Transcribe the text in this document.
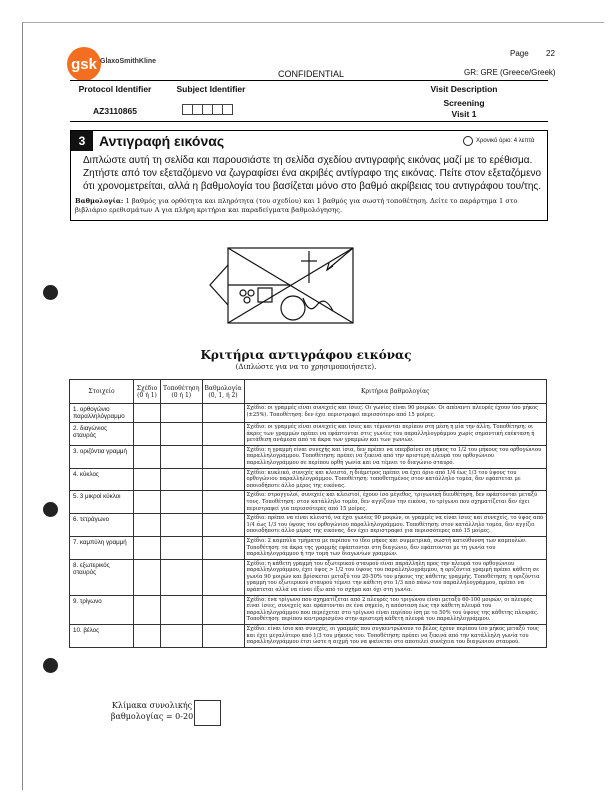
gsk GlaxoSmithKline
Page 22
CONFIDENTIAL	GR: GRE (Greece/Greek)
Protocol Identifier
AZ3110865
Subject Identifier	Visit Description
Screening
Visit 1
3 Αντιγραφή εικόνας	Χρονικό όριο: 4 λεπτά
Διπλώστε αυτή τη σελίδα και παρουσιάστε τη σελίδα σχεδίου αντιγραφής εικόνας μαζί με το ερέθισμα. Ζητήστε από τον εξεταζόμενο να ζωγραφίσει ένα ακριβές αντίγραφο της εικόνας. Πείτε στον εξεταζόμενο ότι χρονομετρείται, αλλά η βαθμολογία του βασίζεται μόνο στο βαθμό ακρίβειας του αντιγράφου του/της.
Βαθμολογία: 1 βαθμός για ορθότητα και πληρότητα (του σχεδίου) και 1 βαθμός για σωστή τοποθέτηση. Δείτε το παράρτημα 1 στο βιβλιάριο ερεθισμάτων Α για πλήρη κριτήρια και παραδείγματα βαθμολόγησης.
Κριτήρια αντιγράφου εικόνας
(Διπλώστε για να το χρησιμοποιήσετε).
Στοιχείο	Σχέδιο (0 ή 1)	Τοποθέτηση (0 ή 1)	Βαθμολογία (0, 1, ή 2)	Κριτήρια βαθμολογίας
1. ορθογώνιο παραλληλόγραμμο				Σχέδιο: οι γραμμές είναι συνεχείς και ίσιες. Οι γωνίες είναι 90 μοιρών. Οι απέναντι πλευρές έχουν ίσο μήκος (±25%). Τοποθέτηση: δεν έχει περιστραφεί περισσότερο από 15 μοίρες.
2. διαγώνιος σταυρός				Σχέδιο: οι γραμμές είναι συνεχείς και ίσιες και τέμνονται περίπου στη μέση η μία την άλλη. Τοποθέτηση: οι άκρες των γραμμών πρέπει να εφάπτονται στις γωνίες του παραλληλογράμμου χωρίς σημαντική επέκταση ή μετάθεση ανάμεσα από τα άκρα των γραμμών και των γωνιών.
3. οριζόντια γραμμή				Σχέδιο: η γραμμή είναι συνεχής και ίσια, δεν πρέπει να υπερβαίνει σε μήκος το 1/2 του μήκους του ορθογώνιου παραλληλογράμμου. Τοποθέτηση: πρέπει να ξεκινά από την αριστερή πλευρά του ορθογώνιου παραλληλογράμμου σε περίπου ορθή γωνία και να τέμνει το διαγώνιο σταυρό.
4. κύκλος				Σχέδιο: κυκλικό, συνεχές και κλειστό, η διάμετρος πρέπει να έχει όριο από 1/4 έως 1/3 του ύψους του ορθογώνιου παραλληλογράμμου. Τοποθέτηση: τοποθετημένος στον κατάλληλο τομέα, δεν εφάπτεται με οποιοδήποτε άλλο μέρος της εικόνας.
5. 3 μικροί κύκλοι				Σχέδιο: στρογγυλοί, συνεχείς και κλειστοί, έχουν ίσο μέγεθος, τριγωνική διευθέτηση, δεν εφάπτονται μεταξύ τους. Τοποθέτηση: στον κατάλληλο τομέα, δεν αγγίζουν την εικόνα, το τρίγωνο που σχηματίζεται δεν έχει περιστραφεί για περισσότερες από 15 μοίρες.
6. τετράγωνο				Σχέδιο: πρέπει να είναι κλειστό, να έχει γωνίες 90 μοιρών, οι γραμμές να είναι ίσιες και συνεχείς, το ύψος από 1/4 έως 1/3 του ύψους του ορθογώνιου παραλληλογράμμου. Τοποθέτηση: στον κατάλληλο τομέα, δεν αγγίζει οποιοδήποτε άλλο μέρος της εικόνας, δεν έχει περιστραφεί για περισσότερες από 15 μοίρες.
7. καμπύλη γραμμή				Σχέδιο: 2 καμπύλα τμήματα με περίπου το ίδιο μήκος και συμμετρικά, σωστή κατεύθυνση των καμπυλών. Τοποθέτηση: τα άκρα της γραμμής εφάπτονται στη διαγώνιο, δεν εφάπτονται με τη γωνία του παραλληλογράμμου ή την τομή των διαγωνίων γραμμών.
8. εξωτερικός σταυρός				Σχέδιο: η κάθετη γραμμή του εξωτερικού σταυρού είναι παράλληλη προς την πλευρά του ορθογώνιου παραλληλογράμμου, έχει ύψος > 1/2 του ύψους του παραλληλογράμμου, η οριζόντια γραμμή πρέπει κάθετη σε γωνία 90 μοιρών και βρίσκεται μεταξύ του 20-50% του μήκους της κάθετης γραμμής. Τοποθέτηση: η οριζόντια γραμμή του εξωτερικού σταυρού τέμνει την κάθετη στο 1/3 από πάνω του παραλληλογράμμου, πρέπει να εφάπτεται αλλά να είναι έξω από το σχήμα και όχι στη γωνία.
9. τρίγωνο				Σχέδιο: ένα τρίγωνο που σχηματίζεται από 2 πλευρές του τριγώνου είναι μεταξύ 60-100 μοιρών, οι πλευρές είναι ίσιες, συνεχείς και εφάπτονται σε ένα σημείο, η απόσταση έως την κάθετη πλευρά του παραλληλογράμμου που περιέχεται στο τρίγωνο είναι περίπου ίση με το 50% του ύψους της κάθετης πλευράς. Τοποθέτηση: περίπου κεντραρισμένο στην αριστερή κάθετη πλευρά του παραλληλογράμμου.
10. βέλος				Σχέδιο: είναι ίσιο και συνεχές, οι γραμμές που συγκεντρώνουν το βέλος έχουν περίπου ίσο μήκος μεταξύ τους και έχει μεγαλύτερο από 1/3 του μήκους του. Τοποθέτηση: πρέπει να ξεκινά από την κατάλληλη γωνία του παραλληλογράμμου έτσι ώστε η αιχμή του να φαίνεται στο αποτελεί συνέχεια του διαγώνιου σταυρού.
Κλίμακα συνολικής
βαθμολογίας = 0-20
